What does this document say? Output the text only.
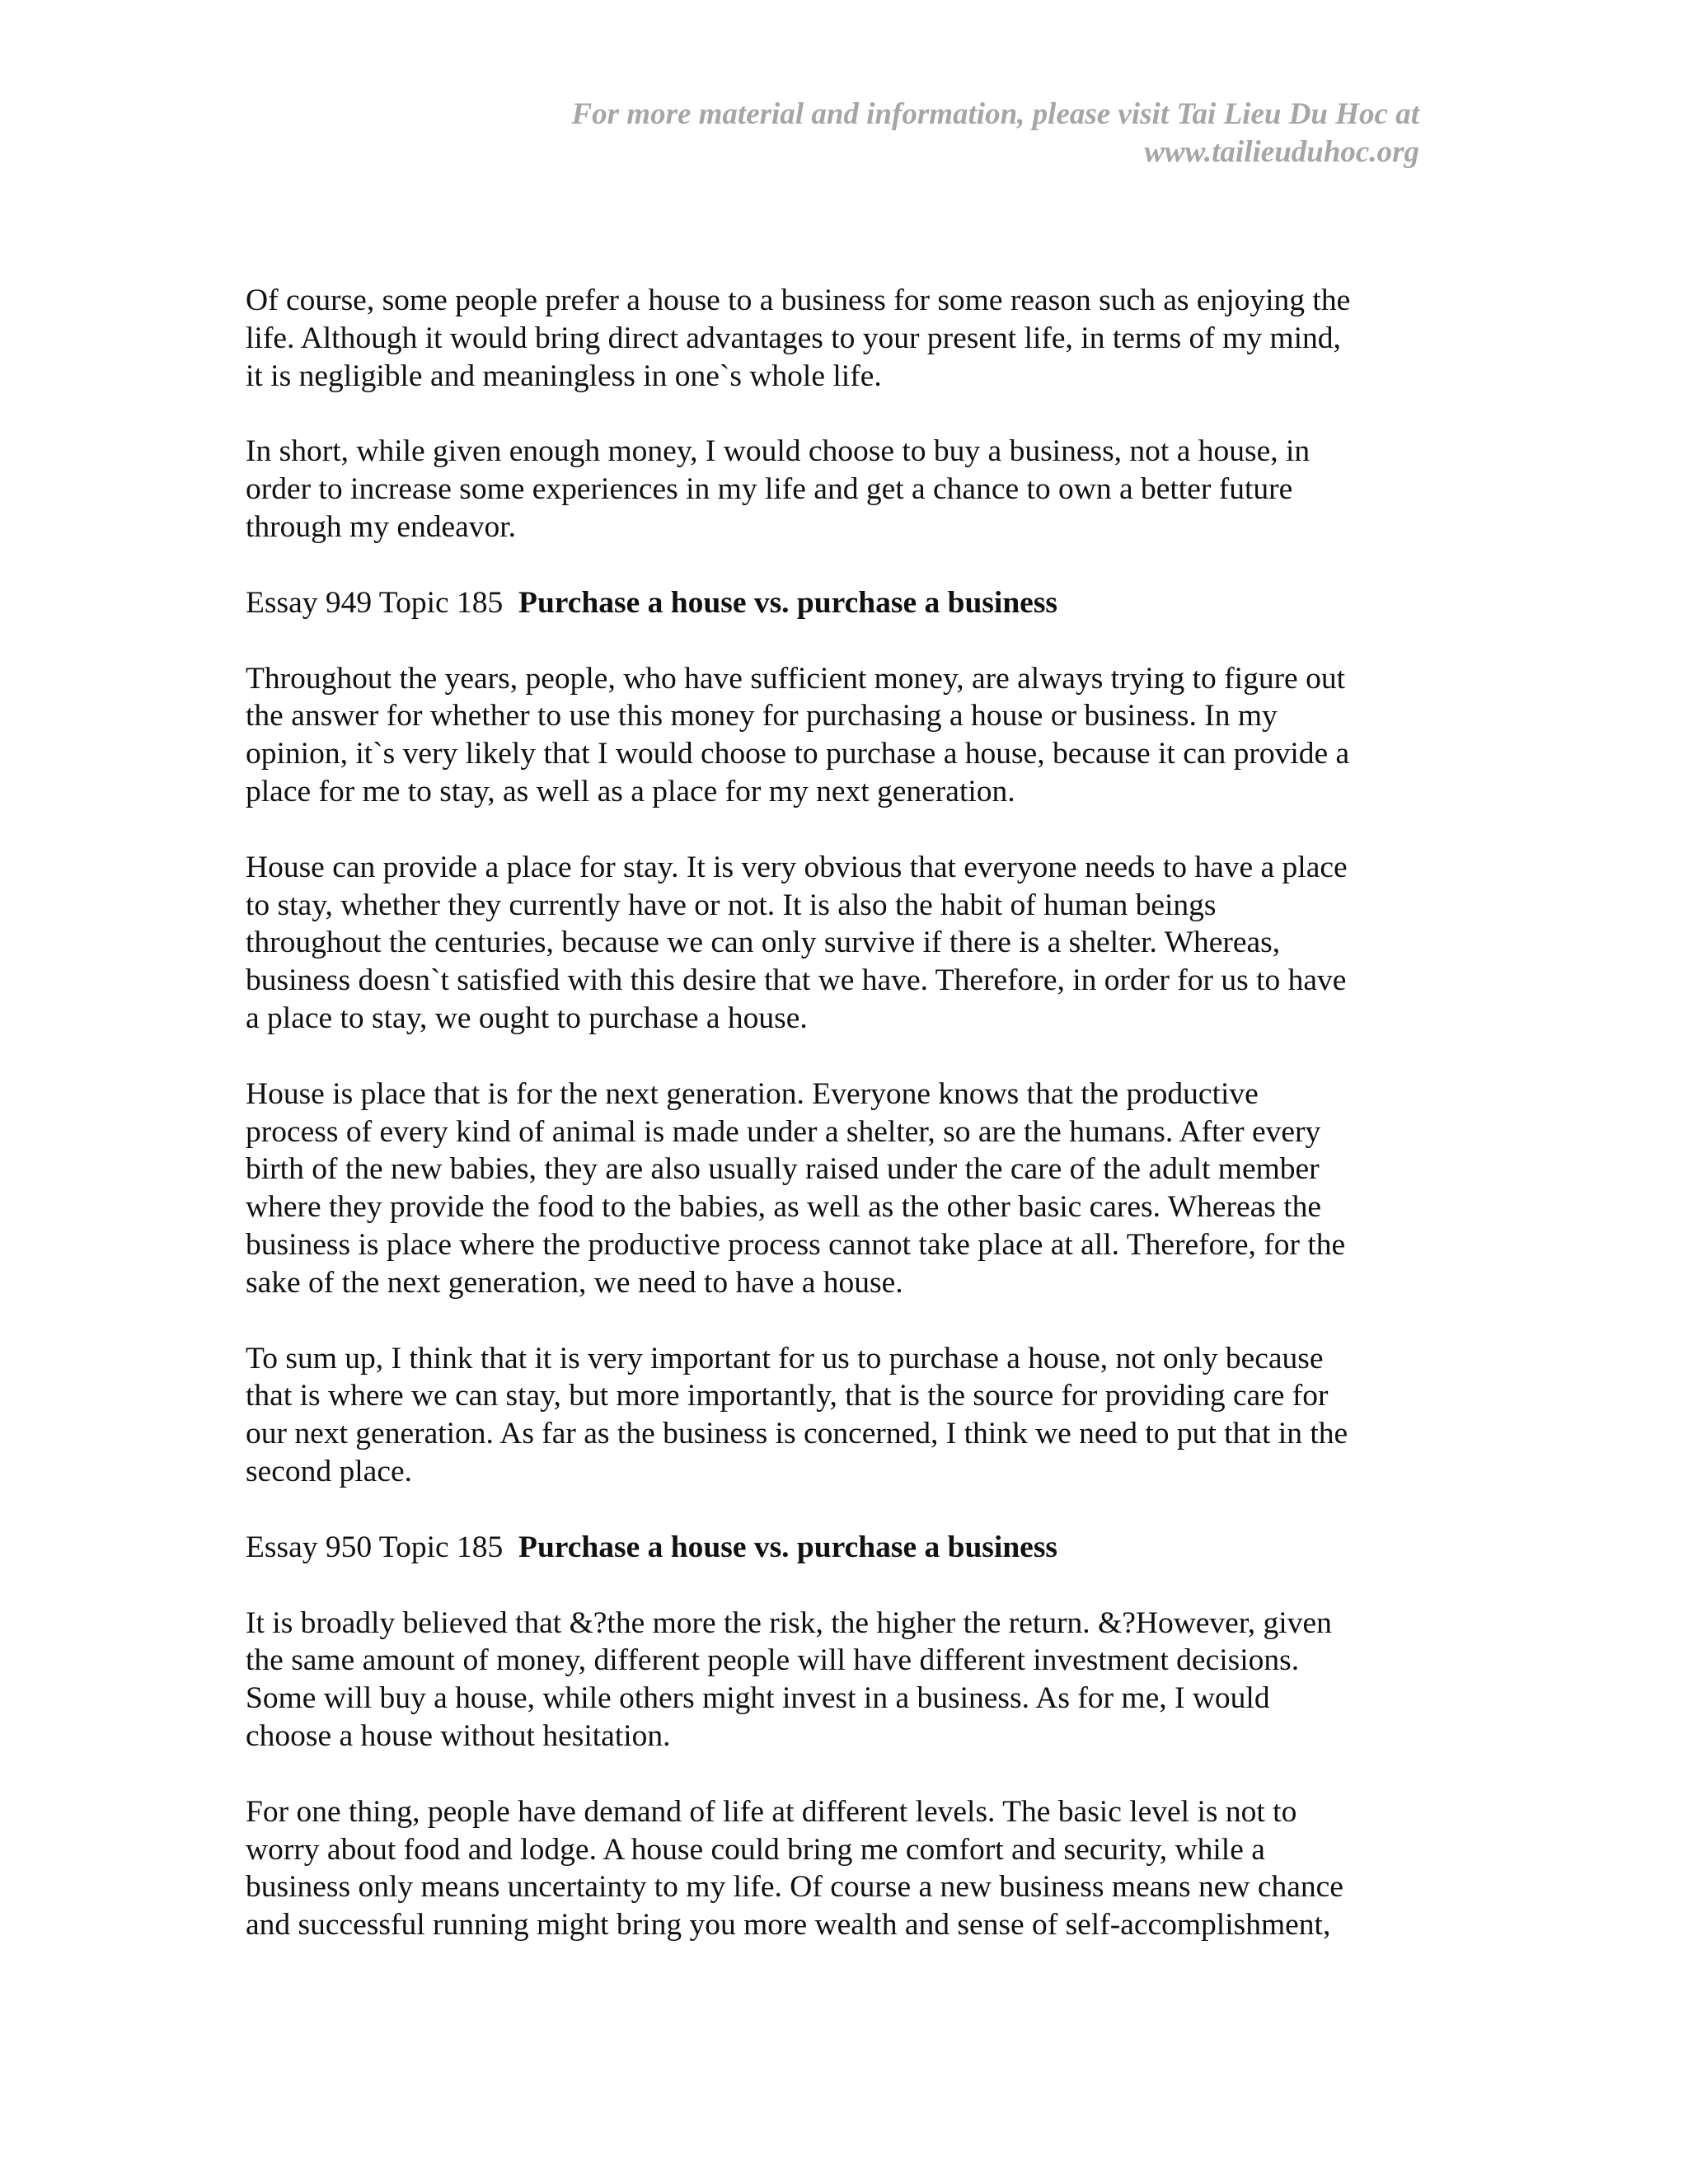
For more material and information, please visit Tai Lieu Du Hoc at
www.tailieuduhoc.org

Of course, some people prefer a house to a business for some reason such as enjoying the
life. Although it would bring direct advantages to your present life, in terms of my mind,
it is negligible and meaningless in one`s whole life.

In short, while given enough money, I would choose to buy a business, not a house, in
order to increase some experiences in my life and get a chance to own a better future
through my endeavor.

Essay 949 Topic 185  Purchase a house vs. purchase a business

Throughout the years, people, who have sufficient money, are always trying to figure out
the answer for whether to use this money for purchasing a house or business. In my
opinion, it`s very likely that I would choose to purchase a house, because it can provide a
place for me to stay, as well as a place for my next generation.

House can provide a place for stay. It is very obvious that everyone needs to have a place
to stay, whether they currently have or not. It is also the habit of human beings
throughout the centuries, because we can only survive if there is a shelter. Whereas,
business doesn`t satisfied with this desire that we have. Therefore, in order for us to have
a place to stay, we ought to purchase a house.

House is place that is for the next generation. Everyone knows that the productive
process of every kind of animal is made under a shelter, so are the humans. After every
birth of the new babies, they are also usually raised under the care of the adult member
where they provide the food to the babies, as well as the other basic cares. Whereas the
business is place where the productive process cannot take place at all. Therefore, for the
sake of the next generation, we need to have a house.

To sum up, I think that it is very important for us to purchase a house, not only because
that is where we can stay, but more importantly, that is the source for providing care for
our next generation. As far as the business is concerned, I think we need to put that in the
second place.

Essay 950 Topic 185  Purchase a house vs. purchase a business

It is broadly believed that &?the more the risk, the higher the return. &?However, given
the same amount of money, different people will have different investment decisions.
Some will buy a house, while others might invest in a business. As for me, I would
choose a house without hesitation.

For one thing, people have demand of life at different levels. The basic level is not to
worry about food and lodge. A house could bring me comfort and security, while a
business only means uncertainty to my life. Of course a new business means new chance
and successful running might bring you more wealth and sense of self-accomplishment,
